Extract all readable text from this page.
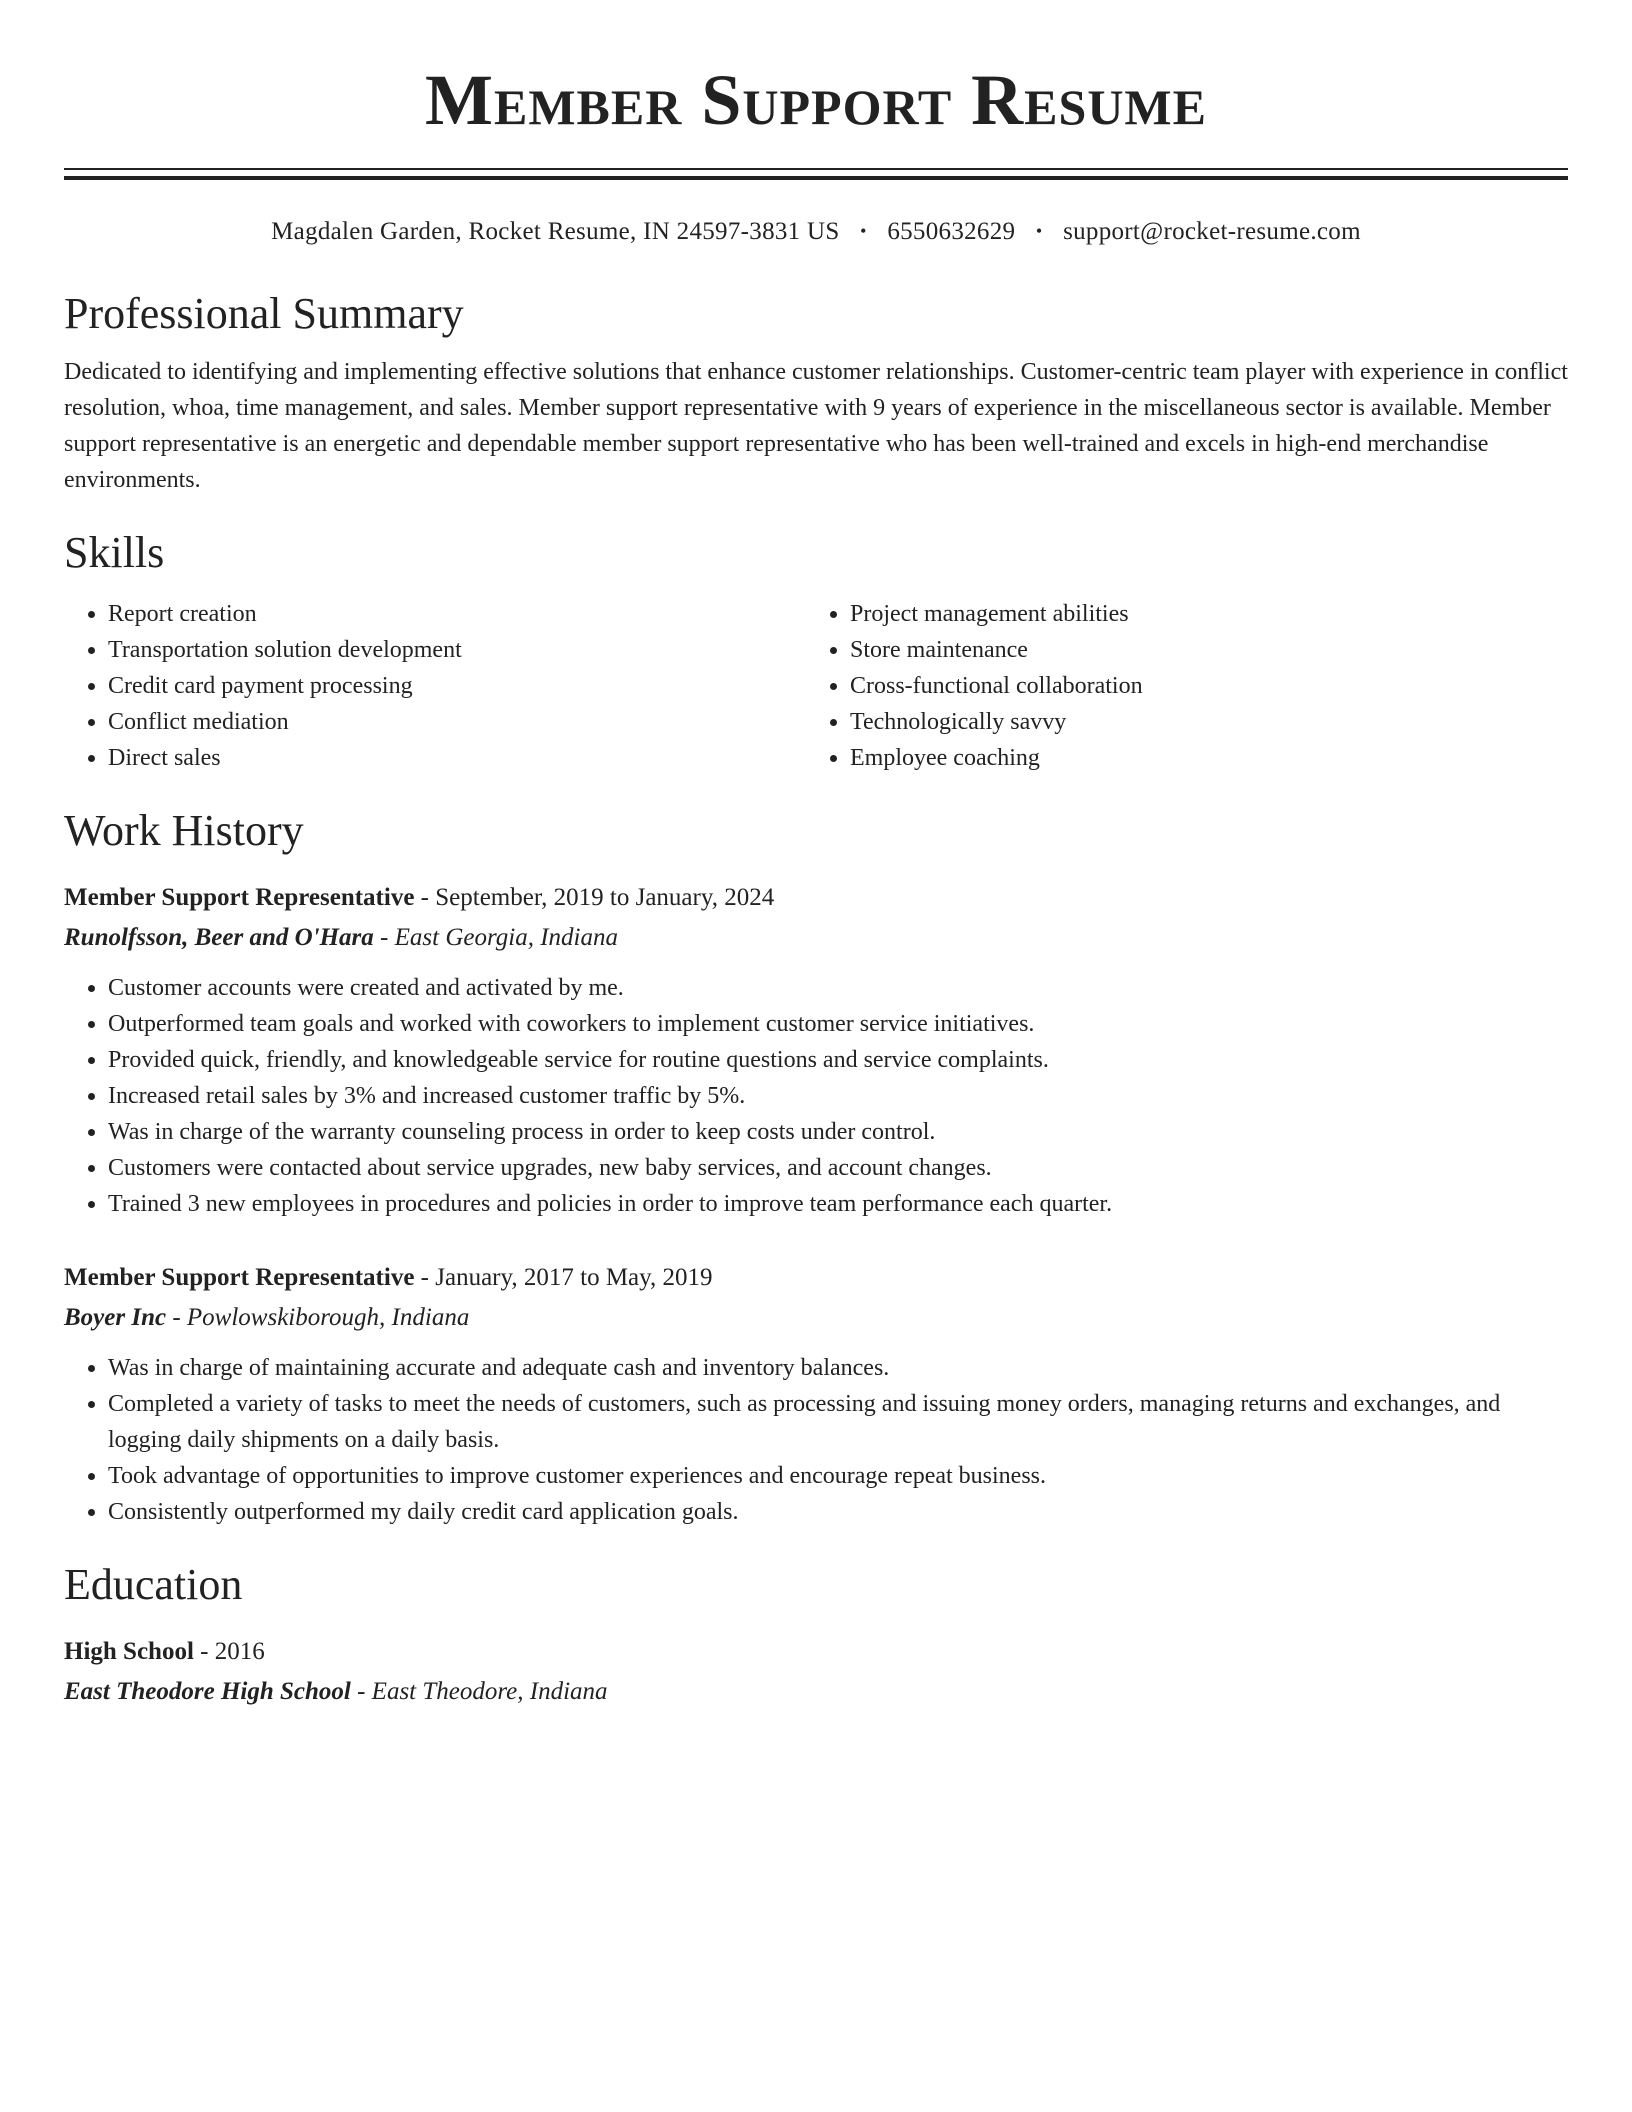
Member Support Resume
Magdalen Garden, Rocket Resume, IN 24597-3831 US • 6550632629 • support@rocket-resume.com
Professional Summary
Dedicated to identifying and implementing effective solutions that enhance customer relationships. Customer-centric team player with experience in conflict resolution, whoa, time management, and sales. Member support representative with 9 years of experience in the miscellaneous sector is available. Member support representative is an energetic and dependable member support representative who has been well-trained and excels in high-end merchandise environments.
Skills
• Report creation
• Transportation solution development
• Credit card payment processing
• Conflict mediation
• Direct sales
• Project management abilities
• Store maintenance
• Cross-functional collaboration
• Technologically savvy
• Employee coaching
Work History
Member Support Representative - September, 2019 to January, 2024
Runolfsson, Beer and O'Hara - East Georgia, Indiana
• Customer accounts were created and activated by me.
• Outperformed team goals and worked with coworkers to implement customer service initiatives.
• Provided quick, friendly, and knowledgeable service for routine questions and service complaints.
• Increased retail sales by 3% and increased customer traffic by 5%.
• Was in charge of the warranty counseling process in order to keep costs under control.
• Customers were contacted about service upgrades, new baby services, and account changes.
• Trained 3 new employees in procedures and policies in order to improve team performance each quarter.
Member Support Representative - January, 2017 to May, 2019
Boyer Inc - Powlowskiborough, Indiana
• Was in charge of maintaining accurate and adequate cash and inventory balances.
• Completed a variety of tasks to meet the needs of customers, such as processing and issuing money orders, managing returns and exchanges, and logging daily shipments on a daily basis.
• Took advantage of opportunities to improve customer experiences and encourage repeat business.
• Consistently outperformed my daily credit card application goals.
Education
High School - 2016
East Theodore High School - East Theodore, Indiana
